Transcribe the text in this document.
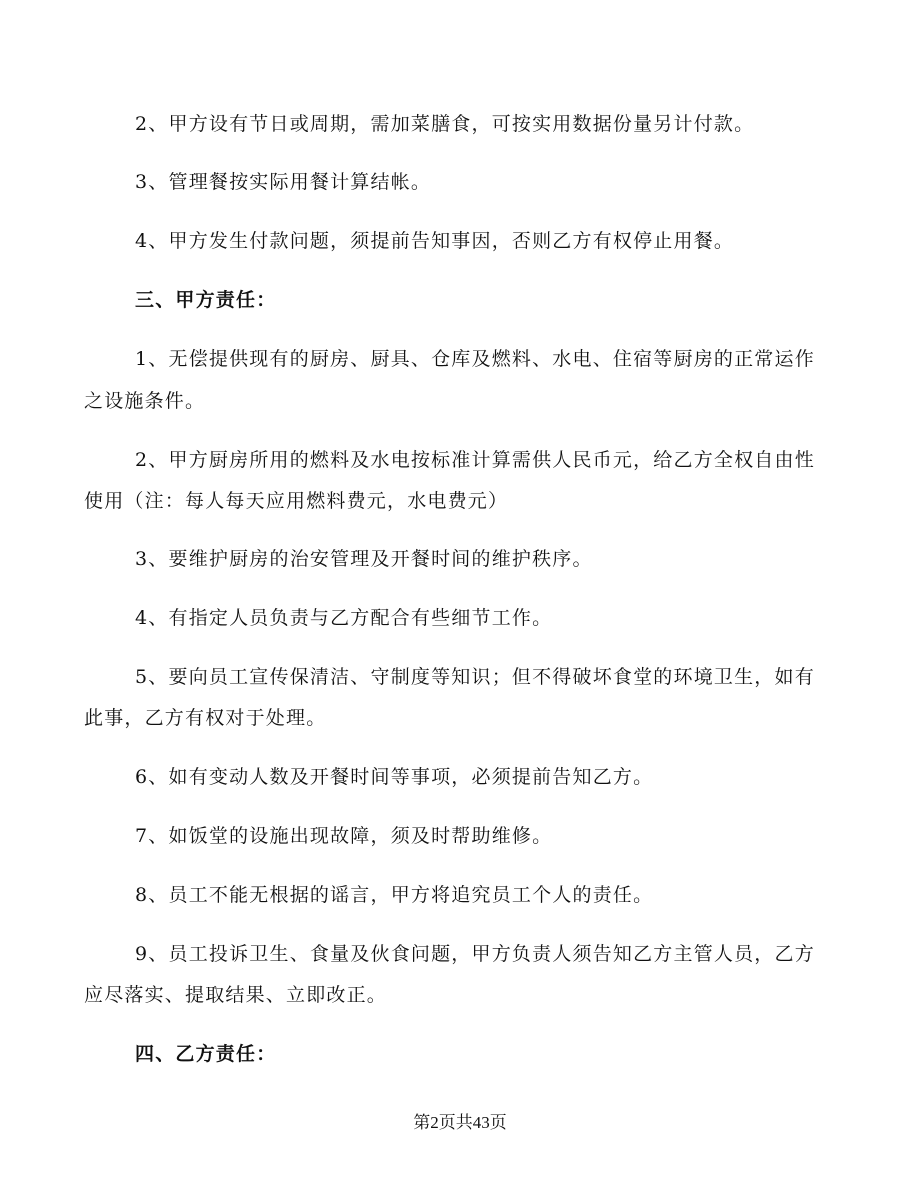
2、甲方设有节日或周期，需加菜膳食，可按实用数据份量另计付款。
3、管理餐按实际用餐计算结帐。
4、甲方发生付款问题，须提前告知事因，否则乙方有权停止用餐。
三、甲方责任：
1、无偿提供现有的厨房、厨具、仓库及燃料、水电、住宿等厨房的正常运作
之设施条件。
2、甲方厨房所用的燃料及水电按标准计算需供人民币元，给乙方全权自由性
使用（注：每人每天应用燃料费元，水电费元）
3、要维护厨房的治安管理及开餐时间的维护秩序。
4、有指定人员负责与乙方配合有些细节工作。
5、要向员工宣传保清洁、守制度等知识；但不得破坏食堂的环境卫生，如有
此事，乙方有权对于处理。
6、如有变动人数及开餐时间等事项，必须提前告知乙方。
7、如饭堂的设施出现故障，须及时帮助维修。
8、员工不能无根据的谣言，甲方将追究员工个人的责任。
9、员工投诉卫生、食量及伙食问题，甲方负责人须告知乙方主管人员，乙方
应尽落实、提取结果、立即改正。
四、乙方责任：
第2页共43页
